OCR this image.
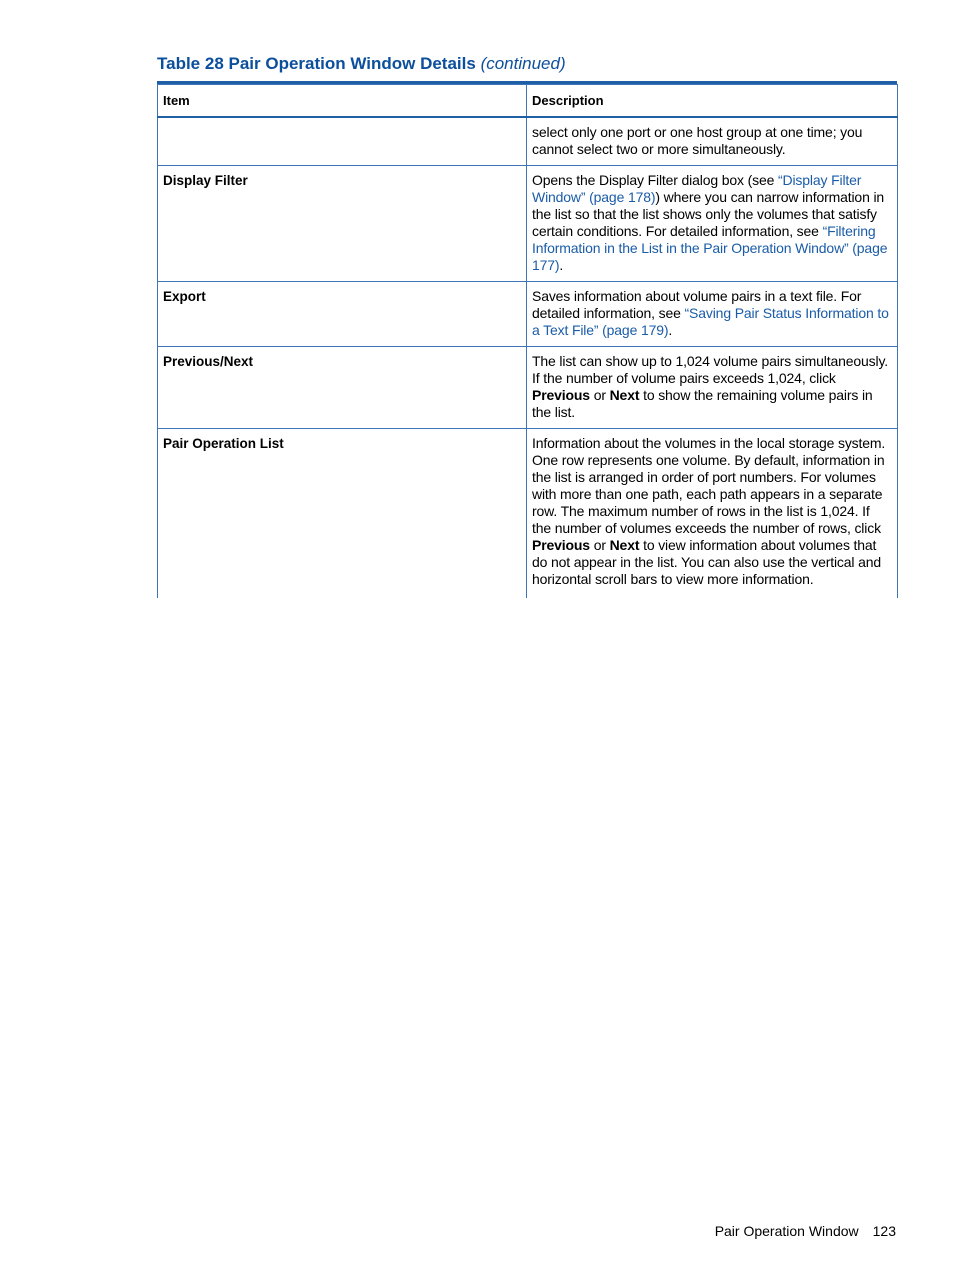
Table 28 Pair Operation Window Details (continued)
Item	Description
	select only one port or one host group at one time; you cannot select two or more simultaneously.
Display Filter	Opens the Display Filter dialog box (see “Display Filter Window” (page 178)) where you can narrow information in the list so that the list shows only the volumes that satisfy certain conditions. For detailed information, see “Filtering Information in the List in the Pair Operation Window” (page 177).
Export	Saves information about volume pairs in a text file. For detailed information, see “Saving Pair Status Information to a Text File” (page 179).
Previous/Next	The list can show up to 1,024 volume pairs simultaneously. If the number of volume pairs exceeds 1,024, click Previous or Next to show the remaining volume pairs in the list.
Pair Operation List	Information about the volumes in the local storage system. One row represents one volume. By default, information in the list is arranged in order of port numbers. For volumes with more than one path, each path appears in a separate row. The maximum number of rows in the list is 1,024. If the number of volumes exceeds the number of rows, click Previous or Next to view information about volumes that do not appear in the list. You can also use the vertical and horizontal scroll bars to view more information.
Pair Operation Window 123
